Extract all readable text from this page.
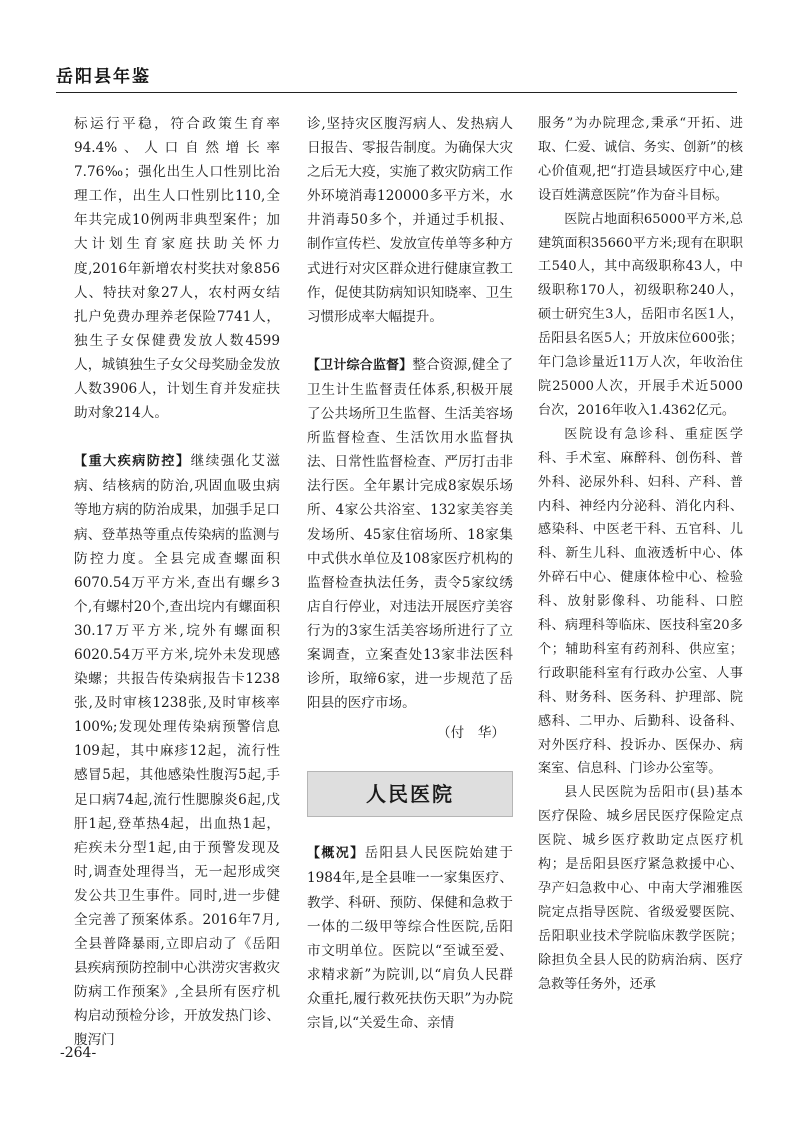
岳阳县年鉴

标运行平稳，符合政策生育率94.4%、人口自然增长率7.76‰；强化出生人口性别比治理工作，出生人口性别比110,全年共完成10例两非典型案件；加大计划生育家庭扶助关怀力度,2016年新增农村奖扶对象856人、特扶对象27人，农村两女结扎户免费办理养老保险7741人，独生子女保健费发放人数4599人，城镇独生子女父母奖励金发放人数3906人，计划生育并发症扶助对象214人。

【重大疾病防控】继续强化艾滋病、结核病的防治,巩固血吸虫病等地方病的防治成果，加强手足口病、登革热等重点传染病的监测与防控力度。全县完成查螺面积6070.54万平方米,查出有螺乡3个,有螺村20个,查出垸内有螺面积30.17万平方米,垸外有螺面积6020.54万平方米,垸外未发现感染螺；共报告传染病报告卡1238张,及时审核1238张,及时审核率100%;发现处理传染病预警信息109起，其中麻疹12起，流行性感冒5起，其他感染性腹泻5起,手足口病74起,流行性腮腺炎6起,戊肝1起,登革热4起，出血热1起，疟疾未分型1起,由于预警发现及时,调查处理得当，无一起形成突发公共卫生事件。同时,进一步健全完善了预案体系。2016年7月,全县普降暴雨,立即启动了《岳阳县疾病预防控制中心洪涝灾害救灾防病工作预案》,全县所有医疗机构启动预检分诊，开放发热门诊、腹泻门

诊,坚持灾区腹泻病人、发热病人日报告、零报告制度。为确保大灾之后无大疫，实施了救灾防病工作外环境消毒120000多平方米，水井消毒50多个，并通过手机报、制作宣传栏、发放宣传单等多种方式进行对灾区群众进行健康宣教工作，促使其防病知识知晓率、卫生习惯形成率大幅提升。

【卫计综合监督】整合资源,健全了卫生计生监督责任体系,积极开展了公共场所卫生监督、生活美容场所监督检查、生活饮用水监督执法、日常性监督检查、严厉打击非法行医。全年累计完成8家娱乐场所、4家公共浴室、132家美容美发场所、45家住宿场所、18家集中式供水单位及108家医疗机构的监督检查执法任务，责令5家纹绣店自行停业，对违法开展医疗美容行为的3家生活美容场所进行了立案调查，立案查处13家非法医科诊所，取缔6家，进一步规范了岳阳县的医疗市场。

（付　华）

人民医院

【概况】岳阳县人民医院始建于1984年,是全县唯一一家集医疗、教学、科研、预防、保健和急救于一体的二级甲等综合性医院,岳阳市文明单位。医院以“至诚至爱、求精求新”为院训,以“肩负人民群众重托,履行救死扶伤天职”为办院宗旨,以“关爱生命、亲情

服务”为办院理念,秉承“开拓、进取、仁爱、诚信、务实、创新”的核心价值观,把“打造县域医疗中心,建设百姓满意医院”作为奋斗目标。

医院占地面积65000平方米,总建筑面积35660平方米;现有在职职工540人，其中高级职称43人，中级职称170人，初级职称240人，硕士研究生3人，岳阳市名医1人，岳阳县名医5人；开放床位600张；年门急诊量近11万人次，年收治住院25000人次，开展手术近5000台次，2016年收入1.4362亿元。

医院设有急诊科、重症医学科、手术室、麻醉科、创伤科、普外科、泌尿外科、妇科、产科、普内科、神经内分泌科、消化内科、感染科、中医老干科、五官科、儿科、新生儿科、血液透析中心、体外碎石中心、健康体检中心、检验科、放射影像科、功能科、口腔科、病理科等临床、医技科室20多个；辅助科室有药剂科、供应室；行政职能科室有行政办公室、人事科、财务科、医务科、护理部、院感科、二甲办、后勤科、设备科、对外医疗科、投诉办、医保办、病案室、信息科、门诊办公室等。

县人民医院为岳阳市(县)基本医疗保险、城乡居民医疗保险定点医院、城乡医疗救助定点医疗机构；是岳阳县医疗紧急救援中心、孕产妇急救中心、中南大学湘雅医院定点指导医院、省级爱婴医院、岳阳职业技术学院临床教学医院；除担负全县人民的防病治病、医疗急救等任务外，还承

-264-
